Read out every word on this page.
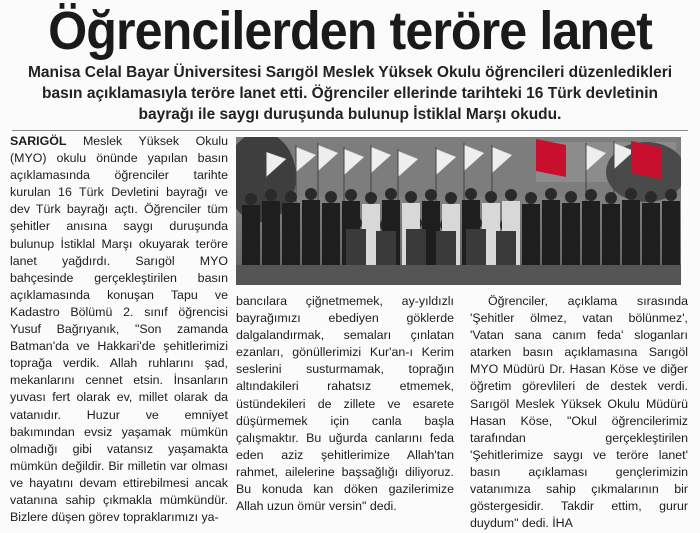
Öğrencilerden teröre lanet

Manisa Celal Bayar Üniversitesi Sarıgöl Meslek Yüksek Okulu öğrencileri düzenledikleri basın açıklamasıyla teröre lanet etti. Öğrenciler ellerinde tarihteki 16 Türk devletinin bayrağı ile saygı duruşunda bulunup İstiklal Marşı okudu.

SARIGÖL Meslek Yüksek Okulu (MYO) okulu önünde yapılan basın açıklamasında öğrenciler tarihte kurulan 16 Türk Devletini bayrağı ve dev Türk bayrağı açtı. Öğrenciler tüm şehitler anısına saygı duruşunda bulunup İstiklal Marşı okuyarak teröre lanet yağdırdı. Sarıgöl MYO bahçesinde gerçekleştirilen basın açıklamasında konuşan Tapu ve Kadastro Bölümü 2. sınıf öğrencisi Yusuf Bağrıyanık, "Son zamanda Batman'da ve Hakkari'de şehitlerimizi toprağa verdik. Allah ruhlarını şad, mekanlarını cennet etsin. İnsanların yuvası fert olarak ev, millet olarak da vatanıdır. Huzur ve emniyet bakımından evsiz yaşamak mümkün olmadığı gibi vatansız yaşamakta mümkün değildir. Bir milletin var olması ve hayatını devam ettirebilmesi ancak vatanına sahip çıkmakla mümkündür. Bizlere düşen görev topraklarımızı ya-

bancılara çiğnetmemek, ay-yıldızlı bayrağımızı ebediyen göklerde dalgalandırmak, semaları çınlatan ezanları, gönüllerimizi Kur'an-ı Kerim seslerini susturmamak, toprağın altındakileri rahatsız etmemek, üstündekileri de zillete ve esarete düşürmemek için canla başla çalışmaktır. Bu uğurda canlarını feda eden aziz şehitlerimize Allah'tan rahmet, ailelerine başsağlığı diliyoruz. Bu konuda kan döken gazilerimize Allah uzun ömür versin" dedi.

Öğrenciler, açıklama sırasında 'Şehitler ölmez, vatan bölünmez', 'Vatan sana canım feda' sloganları atarken basın açıklamasına Sarıgöl MYO Müdürü Dr. Hasan Köse ve diğer öğretim görevlileri de destek verdi. Sarıgöl Meslek Yüksek Okulu Müdürü Hasan Köse, "Okul öğrencilerimiz tarafından gerçekleştirilen 'Şehitlerimize saygı ve teröre lanet' basın açıklaması gençlerimizin vatanımıza sahip çıkmalarının bir göstergesidir. Takdir ettim, gurur duydum" dedi. İHA
